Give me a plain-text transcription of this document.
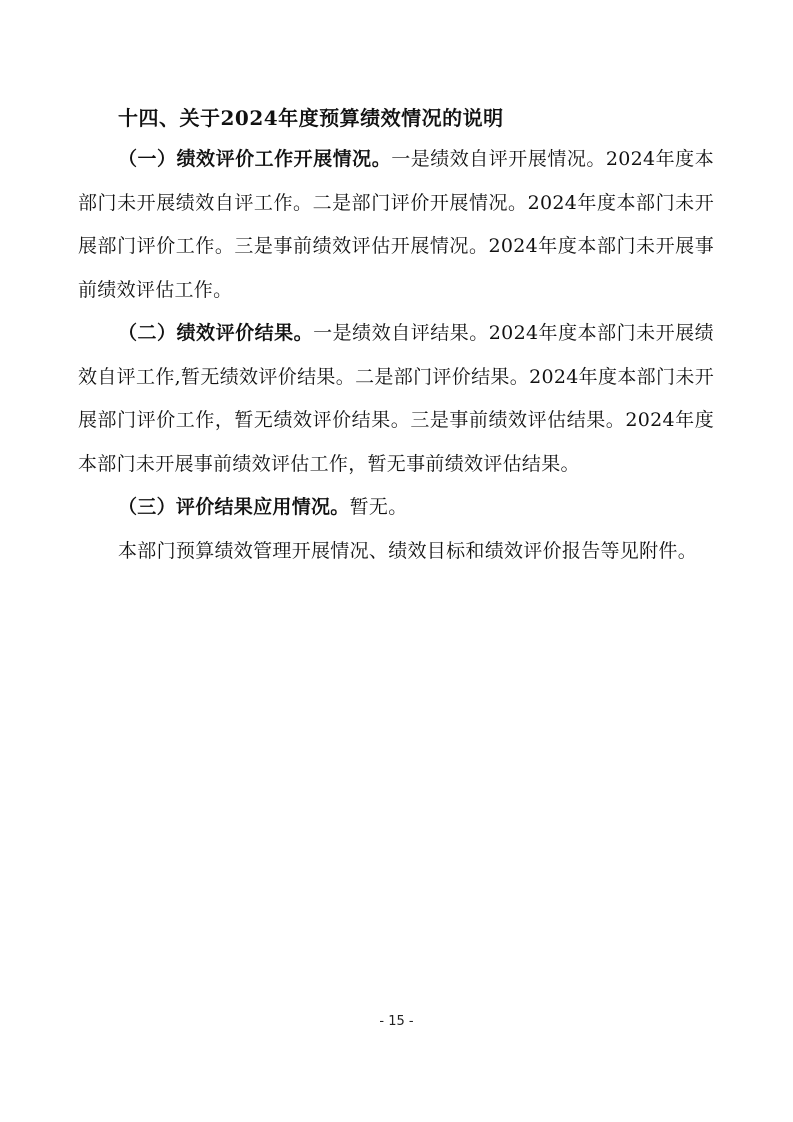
十四、关于2024年度预算绩效情况的说明

（一）绩效评价工作开展情况。一是绩效自评开展情况。2024年度本部门未开展绩效自评工作。二是部门评价开展情况。2024年度本部门未开展部门评价工作。三是事前绩效评估开展情况。2024年度本部门未开展事前绩效评估工作。

（二）绩效评价结果。一是绩效自评结果。2024年度本部门未开展绩效自评工作,暂无绩效评价结果。二是部门评价结果。2024年度本部门未开展部门评价工作，暂无绩效评价结果。三是事前绩效评估结果。2024年度本部门未开展事前绩效评估工作，暂无事前绩效评估结果。

（三）评价结果应用情况。暂无。

本部门预算绩效管理开展情况、绩效目标和绩效评价报告等见附件。

- 15 -
